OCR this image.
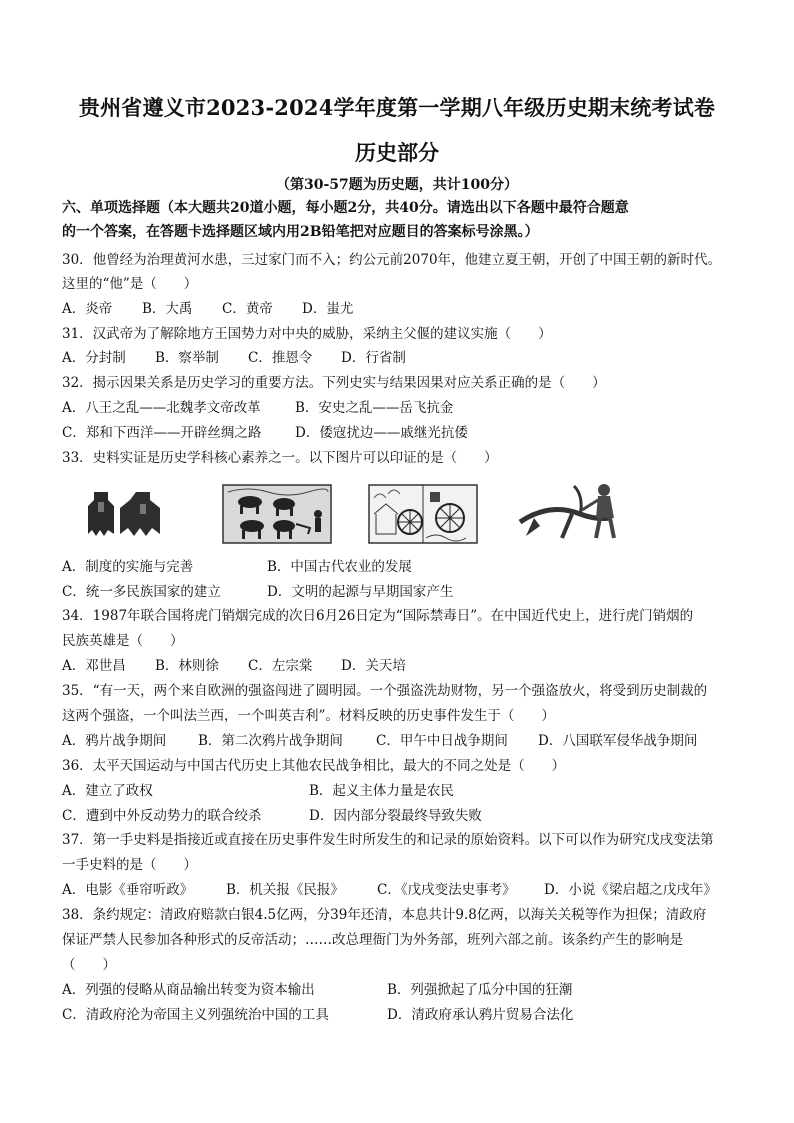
贵州省遵义市2023-2024学年度第一学期八年级历史期末统考试卷
历史部分
（第30-57题为历史题，共计100分）
六、单项选择题（本大题共20道小题，每小题2分，共40分。请选出以下各题中最符合题意
的一个答案，在答题卡选择题区域内用2B铅笔把对应题目的答案标号涂黑。）
30．他曾经为治理黄河水患，三过家门而不入；约公元前2070年，他建立夏王朝，开创了中国王朝的新时代。
这里的“他”是（　　）
A．炎帝 B．大禹 C．黄帝 D．蚩尤
31．汉武帝为了解除地方王国势力对中央的威胁，采纳主父偃的建议实施（　　）
A．分封制 B．察举制 C．推恩令 D．行省制
32．揭示因果关系是历史学习的重要方法。下列史实与结果因果对应关系正确的是（　　）
A．八王之乱——北魏孝文帝改革	B．安史之乱——岳飞抗金
C．郑和下西洋——开辟丝绸之路 D．倭寇扰边——戚继光抗倭
33．史料实证是历史学科核心素养之一。以下图片可以印证的是（　　）
A．制度的实施与完善	B．中国古代农业的发展
C．统一多民族国家的建立	D．文明的起源与早期国家产生
34．1987年联合国将虎门销烟完成的次日6月26日定为“国际禁毒日”。在中国近代史上，进行虎门销烟的
民族英雄是（　　）
A．邓世昌 B．林则徐 C．左宗棠 D．关天培
35．“有一天，两个来自欧洲的强盗闯进了圆明园。一个强盗洗劫财物，另一个强盗放火，将受到历史制裁的
这两个强盗，一个叫法兰西，一个叫英吉利”。材料反映的历史事件发生于（　　）
A．鸦片战争期间 B．第二次鸦片战争期间 C．甲午中日战争期间 D．八国联军侵华战争期间
36．太平天国运动与中国古代历史上其他农民战争相比，最大的不同之处是（　　）
A．建立了政权	B．起义主体力量是农民
C．遭到中外反动势力的联合绞杀	D．因内部分裂最终导致失败
37．第一手史料是指接近或直接在历史事件发生时所发生的和记录的原始资料。以下可以作为研究戊戌变法第
一手史料的是（　　）
A．电影《垂帘听政》 B．机关报《民报》 C．《戊戌变法史事考》 D．小说《梁启超之戊戌年》
38．条约规定：清政府赔款白银4.5亿两，分39年还清，本息共计9.8亿两，以海关关税等作为担保；清政府
保证严禁人民参加各种形式的反帝活动；……改总理衙门为外务部，班列六部之前。该条约产生的影响是
（　　）
A．列强的侵略从商品输出转变为资本输出	B．列强掀起了瓜分中国的狂潮
C．清政府沦为帝国主义列强统治中国的工具	D．清政府承认鸦片贸易合法化
